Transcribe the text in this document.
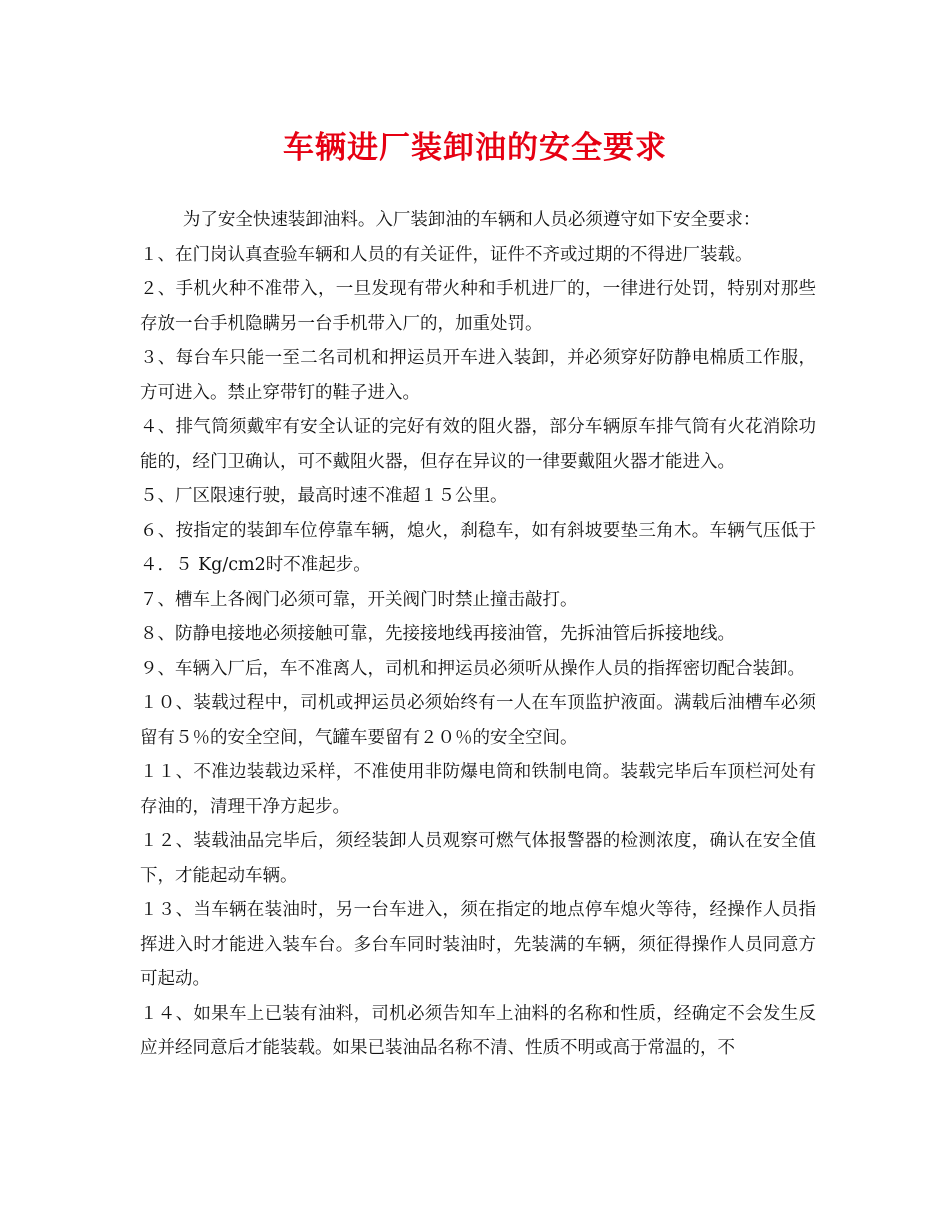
车辆进厂装卸油的安全要求

为了安全快速装卸油料。入厂装卸油的车辆和人员必须遵守如下安全要求：

１、在门岗认真查验车辆和人员的有关证件，证件不齐或过期的不得进厂装载。

２、手机火种不准带入，一旦发现有带火种和手机进厂的，一律进行处罚，特别对那些存放一台手机隐瞒另一台手机带入厂的，加重处罚。

３、每台车只能一至二名司机和押运员开车进入装卸，并必须穿好防静电棉质工作服，方可进入。禁止穿带钉的鞋子进入。

４、排气筒须戴牢有安全认证的完好有效的阻火器，部分车辆原车排气筒有火花消除功能的，经门卫确认，可不戴阻火器，但存在异议的一律要戴阻火器才能进入。

５、厂区限速行驶，最高时速不准超１５公里。

６、按指定的装卸车位停靠车辆，熄火，刹稳车，如有斜坡要垫三角木。车辆气压低于４．５ Kg/cm2时不准起步。

７、槽车上各阀门必须可靠，开关阀门时禁止撞击敲打。

８、防静电接地必须接触可靠，先接接地线再接油管，先拆油管后拆接地线。

９、车辆入厂后，车不准离人，司机和押运员必须听从操作人员的指挥密切配合装卸。

１０、装载过程中，司机或押运员必须始终有一人在车顶监护液面。满载后油槽车必须留有５％的安全空间，气罐车要留有２０％的安全空间。

１１、不准边装载边采样，不准使用非防爆电筒和铁制电筒。装载完毕后车顶栏河处有存油的，清理干净方起步。

１２、装载油品完毕后，须经装卸人员观察可燃气体报警器的检测浓度，确认在安全值下，才能起动车辆。

１３、当车辆在装油时，另一台车进入，须在指定的地点停车熄火等待，经操作人员指挥进入时才能进入装车台。多台车同时装油时，先装满的车辆，须征得操作人员同意方可起动。

１４、如果车上已装有油料，司机必须告知车上油料的名称和性质，经确定不会发生反应并经同意后才能装载。如果已装油品名称不清、性质不明或高于常温的，不
